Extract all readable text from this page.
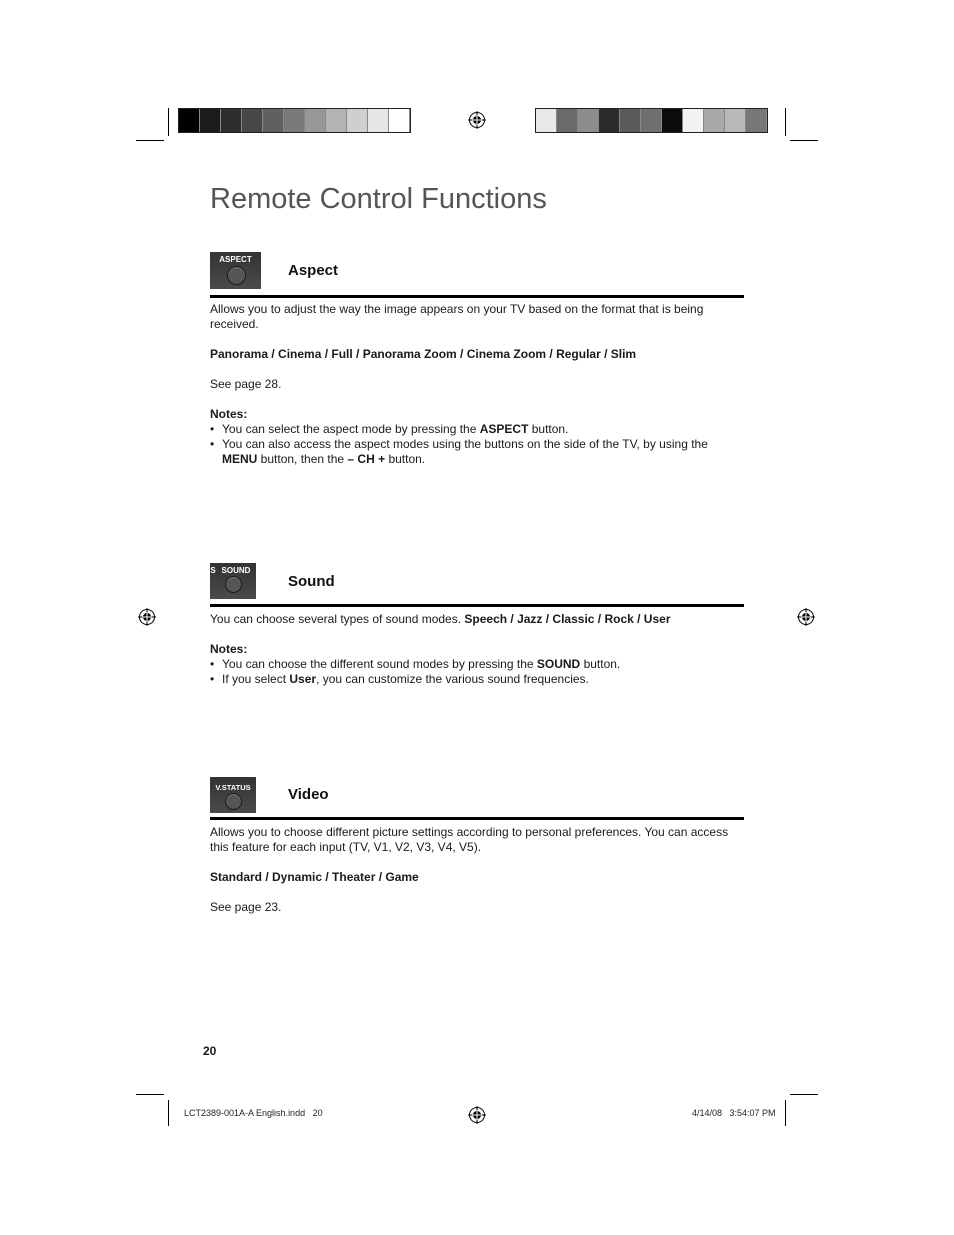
Remote Control Functions
ASPECT
Aspect

Allows you to adjust the way the image appears on your TV based on the format that is being received.

Panorama / Cinema / Full / Panorama Zoom / Cinema Zoom / Regular / Slim

See page 28.

Notes:

• You can select the aspect mode by pressing the ASPECT button.
• You can also access the aspect modes using the buttons on the side of the TV, by using the MENU button, then the – CH + button.
S SOUND
Sound

You can choose several types of sound modes. Speech / Jazz / Classic / Rock / User

Notes:

• You can choose the different sound modes by pressing the SOUND button.
• If you select User, you can customize the various sound frequencies.
V.STATUS	Video

Allows you to choose different picture settings according to personal preferences. You can access this feature for each input (TV, V1, V2, V3, V4, V5).

Standard / Dynamic / Theater / Game

See page 23.

20
LCT2389-001A-A English.indd   20	4/14/08   3:54:07 PM
